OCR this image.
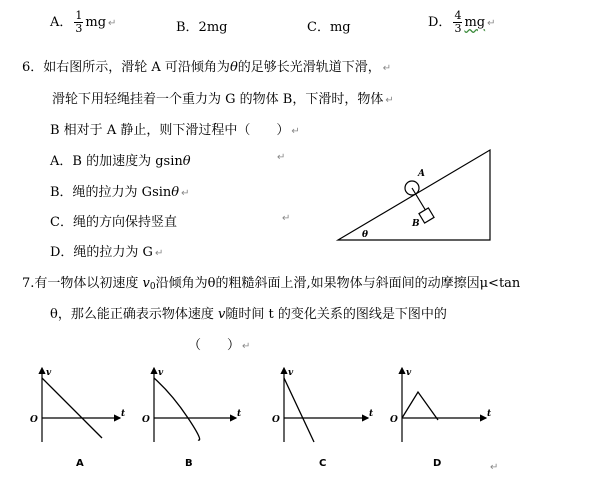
A． $\frac{1}{3}$ mg ↵	B．2mg	C．mg	D． $\frac{4}{3}$ mg ↵
6．如右图所示，滑轮 A 可沿倾角为θ的足够长光滑轨道下滑， ↵
滑轮下用轻绳挂着一个重力为 G 的物体 B，下滑时，物体 ↵
B 相对于 A 静止，则下滑过程中（　　） ↵
A．B 的加速度为 gsinθ	↵
B．绳的拉力为 Gsinθ ↵
C．绳的方向保持竖直	↵
D．绳的拉力为 G ↵
A
B
θ
7.有一物体以初速度 $v_0$沿倾角为θ的粗糙斜面上滑,如果物体与斜面间的动摩擦因μ<tan
θ，那么能正确表示物体速度 v随时间 t 的变化关系的图线是下图中的
（　　） ↵
v
t
O
A
v
t
O
B
v
t
O
C
v
t
O
D	↵
